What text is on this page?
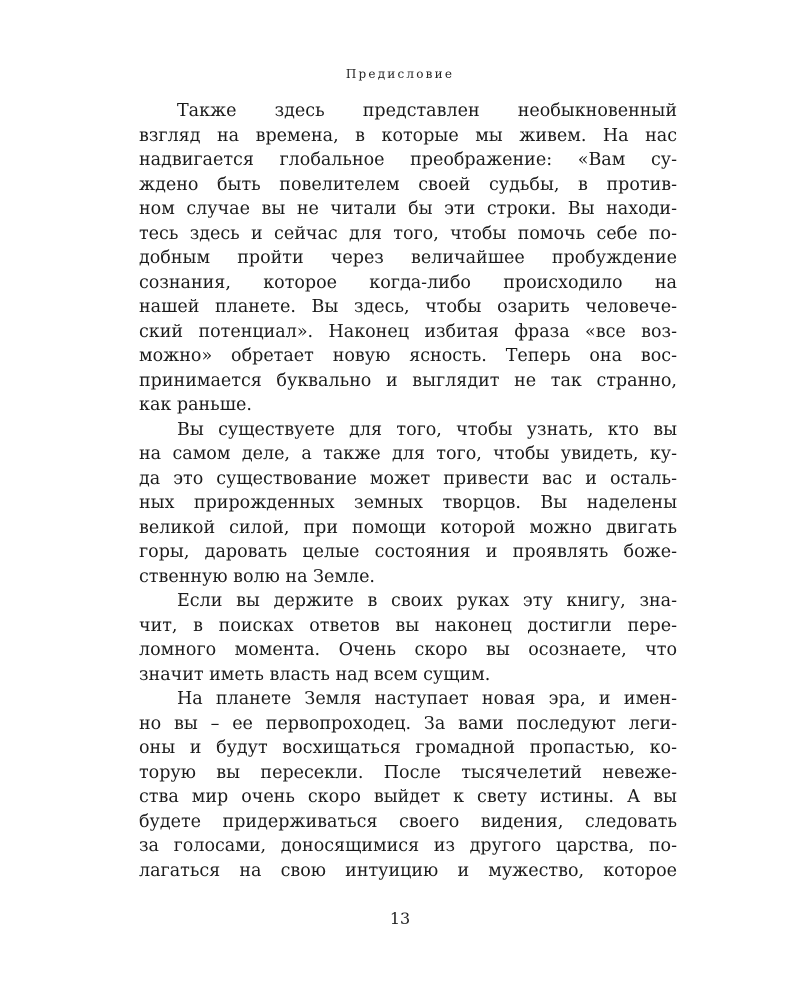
Предисловие
Также здесь представлен необыкновенный
взгляд на времена, в которые мы живем. На нас
надвигается глобальное преображение: «Вам су-
ждено быть повелителем своей судьбы, в против-
ном случае вы не читали бы эти строки. Вы находи-
тесь здесь и сейчас для того, чтобы помочь себе по-
добным пройти через величайшее пробуждение
сознания, которое когда-либо происходило на
нашей планете. Вы здесь, чтобы озарить человече-
ский потенциал». Наконец избитая фраза «все воз-
можно» обретает новую ясность. Теперь она вос-
принимается буквально и выглядит не так странно,
как раньше.
Вы существуете для того, чтобы узнать, кто вы
на самом деле, а также для того, чтобы увидеть, ку-
да это существование может привести вас и осталь-
ных прирожденных земных творцов. Вы наделены
великой силой, при помощи которой можно двигать
горы, даровать целые состояния и проявлять боже-
ственную волю на Земле.
Если вы держите в своих руках эту книгу, зна-
чит, в поисках ответов вы наконец достигли пере-
ломного момента. Очень скоро вы осознаете, что
значит иметь власть над всем сущим.
На планете Земля наступает новая эра, и имен-
но вы – ее первопроходец. За вами последуют леги-
оны и будут восхищаться громадной пропастью, ко-
торую вы пересекли. После тысячелетий невеже-
ства мир очень скоро выйдет к свету истины. А вы
будете придерживаться своего видения, следовать
за голосами, доносящимися из другого царства, по-
лагаться на свою интуицию и мужество, которое
13
